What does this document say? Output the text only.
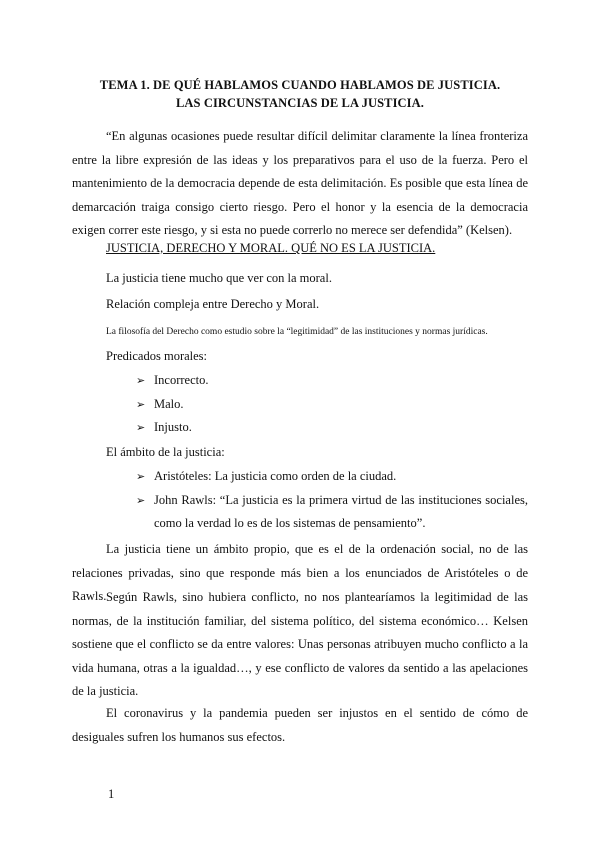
TEMA 1. DE QUÉ HABLAMOS CUANDO HABLAMOS DE JUSTICIA.
LAS CIRCUNSTANCIAS DE LA JUSTICIA.

“En algunas ocasiones puede resultar difícil delimitar claramente la línea fronteriza entre la libre expresión de las ideas y los preparativos para el uso de la fuerza. Pero el mantenimiento de la democracia depende de esta delimitación. Es posible que esta línea de demarcación traiga consigo cierto riesgo. Pero el honor y la esencia de la democracia exigen correr este riesgo, y si esta no puede correrlo no merece ser defendida” (Kelsen).

JUSTICIA, DERECHO Y MORAL. QUÉ NO ES LA JUSTICIA.
La justicia tiene mucho que ver con la moral.
Relación compleja entre Derecho y Moral.
La filosofía del Derecho como estudio sobre la “legitimidad” de las instituciones y normas jurídicas.
Predicados morales:
➢ Incorrecto.
➢ Malo.
➢ Injusto.
El ámbito de la justicia:
➢ Aristóteles: La justicia como orden de la ciudad.
➢ John Rawls: “La justicia es la primera virtud de las instituciones sociales, como la verdad lo es de los sistemas de pensamiento”.

La justicia tiene un ámbito propio, que es el de la ordenación social, no de las relaciones privadas, sino que responde más bien a los enunciados de Aristóteles o de Rawls. Según Rawls, sino hubiera conflicto, no nos plantearíamos la legitimidad de las normas, de la institución familiar, del sistema político, del sistema económico… Kelsen sostiene que el conflicto se da entre valores: Unas personas atribuyen mucho conflicto a la vida humana, otras a la igualdad…, y ese conflicto de valores da sentido a las apelaciones de la justicia.

El coronavirus y la pandemia pueden ser injustos en el sentido de cómo de desiguales sufren los humanos sus efectos.

1
